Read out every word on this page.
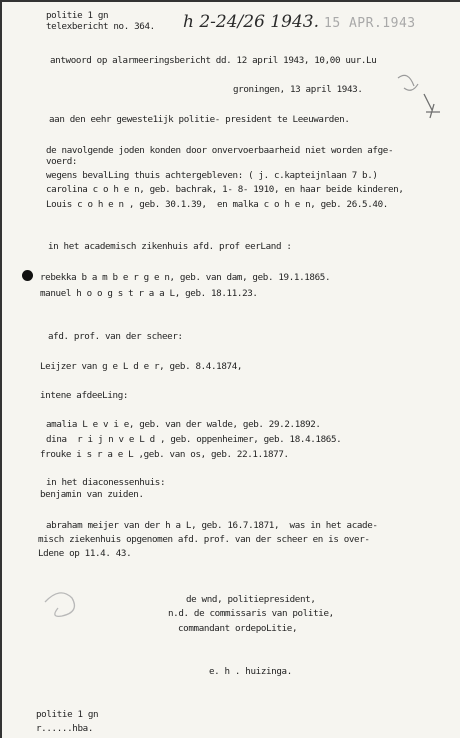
politie 1 gn
telexbericht no. 364. h 2-24/26 1943. 15 APR.1943
antwoord op alarmeeringsbericht dd. 12 april 1943, 10,00 uur.Lu
groningen, 13 april 1943.
aan den eehr geweste1ijk politie- president te Leeuwarden.
de navolgende joden konden door onvervoerbaarheid niet worden afge-
voerd:
wegens bevalLing thuis achtergebleven: ( j. c.kapteijnlaan 7 b.)
carolina c o h e n, geb. bachrak, 1- 8- 1910, en haar beide kinderen,
Louis c o h e n , geb. 30.1.39,  en malka c o h e n, geb. 26.5.40.
in het academisch zikenhuis afd. prof eerLand :
rebekka b a m b e r g e n, geb. van dam, geb. 19.1.1865.
manuel h o o g s t r a a L, geb. 18.11.23.
afd. prof. van der scheer:
Leijzer van g e L d e r, geb. 8.4.1874,
intene afdeeLing:
amalia L e v i e, geb. van der walde, geb. 29.2.1892.
dina  r i j n v e L d , geb. oppenheimer, geb. 18.4.1865.
frouke i s r a e L ,geb. van os, geb. 22.1.1877.
in het diaconessenhuis:
benjamin van zuiden.
abraham meijer van der h a L, geb. 16.7.1871,  was in het acade-
misch ziekenhuis opgenomen afd. prof. van der scheer en is over-
Ldene op 11.4. 43.
de wnd, politiepresident,
n.d. de commissaris van politie,
commandant ordepoLitie,
e. h . huizinga.
politie 1 gn
r......hba.
